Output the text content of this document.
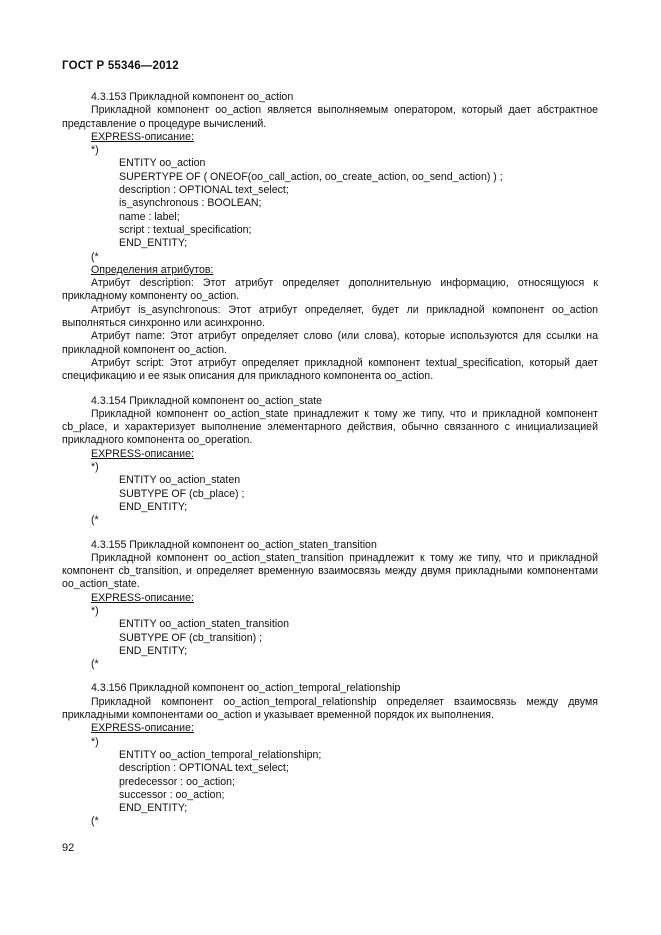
ГОСТ Р 55346—2012
4.3.153 Прикладной компонент oo_action
Прикладной компонент oo_action является выполняемым оператором, который дает абстрактное представление о процедуре вычислений.
EXPRESS-описание:
*)
ENTITY oo_action
SUPERTYPE OF ( ONEOF(oo_call_action, oo_create_action, oo_send_action) ) ;
description : OPTIONAL text_select;
is_asynchronous : BOOLEAN;
name : label;
script : textual_specification;
END_ENTITY;
(*
Определения атрибутов:
Атрибут description: Этот атрибут определяет дополнительную информацию, относящуюся к прикладному компоненту oo_action.
Атрибут is_asynchronous: Этот атрибут определяет, будет ли прикладной компонент oo_action выполняться синхронно или асинхронно.
Атрибут name: Этот атрибут определяет слово (или слова), которые используются для ссылки на прикладной компонент oo_action.
Атрибут script: Этот атрибут определяет прикладной компонент textual_specification, который дает спецификацию и ее язык описания для прикладного компонента oo_action.
4.3.154 Прикладной компонент oo_action_state
Прикладной компонент oo_action_state принадлежит к тому же типу, что и прикладной компонент cb_place, и характеризует выполнение элементарного действия, обычно связанного с инициализацией прикладного компонента oo_operation.
EXPRESS-описание:
*)
ENTITY oo_action_staten
SUBTYPE OF (cb_place) ;
END_ENTITY;
(*
4.3.155 Прикладной компонент oo_action_staten_transition
Прикладной компонент oo_action_staten_transition принадлежит к тому же типу, что и прикладной компонент cb_transition, и определяет временную взаимосвязь между двумя прикладными компонентами oo_action_state.
EXPRESS-описание:
*)
ENTITY oo_action_staten_transition
SUBTYPE OF (cb_transition) ;
END_ENTITY;
(*
4.3.156 Прикладной компонент oo_action_temporal_relationship
Прикладной компонент oo_action_temporal_relationship определяет взаимосвязь между двумя прикладными компонентами oo_action и указывает временной порядок их выполнения.
EXPRESS-описание:
*)
ENTITY oo_action_temporal_relationshipn;
description : OPTIONAL text_select;
predecessor : oo_action;
successor : oo_action;
END_ENTITY;
(*
92
